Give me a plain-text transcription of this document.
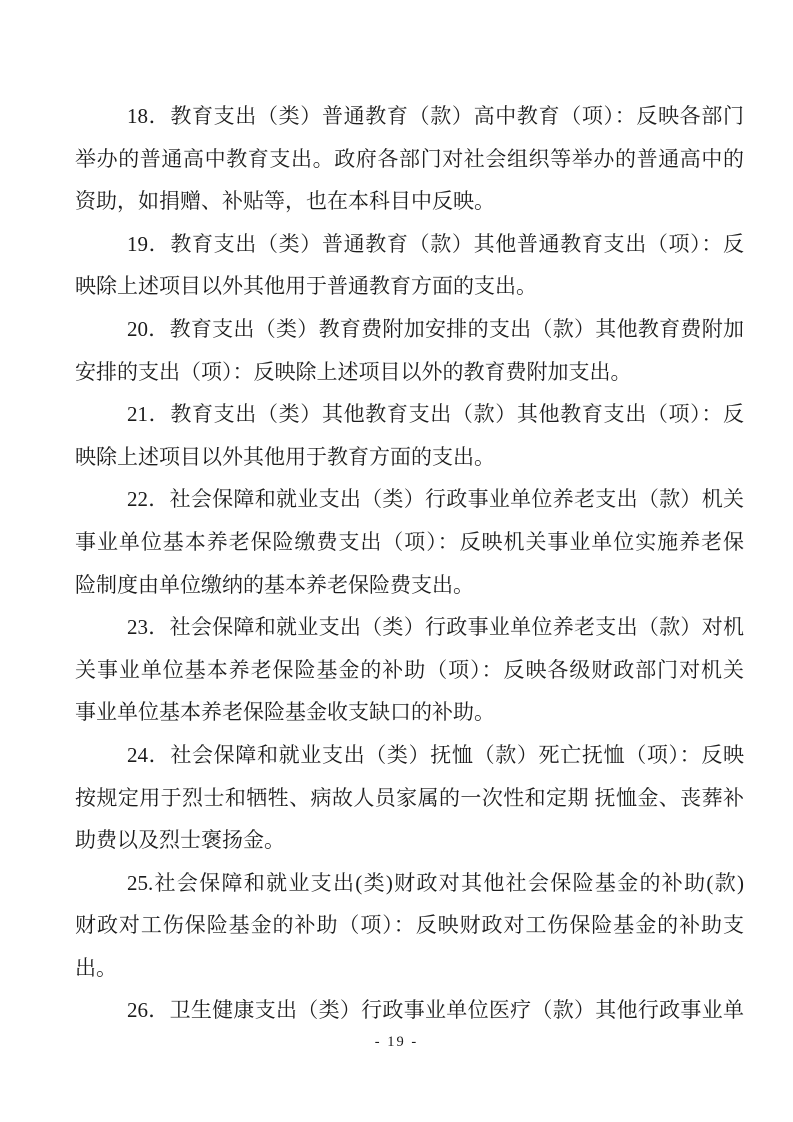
18．教育支出（类）普通教育（款）高中教育（项）：反映各部门
举办的普通高中教育支出。政府各部门对社会组织等举办的普通高中的
资助，如捐赠、补贴等，也在本科目中反映。
19．教育支出（类）普通教育（款）其他普通教育支出（项）：反
映除上述项目以外其他用于普通教育方面的支出。
20．教育支出（类）教育费附加安排的支出（款）其他教育费附加
安排的支出（项）：反映除上述项目以外的教育费附加支出。
21．教育支出（类）其他教育支出（款）其他教育支出（项）：反
映除上述项目以外其他用于教育方面的支出。
22．社会保障和就业支出（类）行政事业单位养老支出（款）机关
事业单位基本养老保险缴费支出（项）：反映机关事业单位实施养老保
险制度由单位缴纳的基本养老保险费支出。
23．社会保障和就业支出（类）行政事业单位养老支出（款）对机
关事业单位基本养老保险基金的补助（项）：反映各级财政部门对机关
事业单位基本养老保险基金收支缺口的补助。
24．社会保障和就业支出（类）抚恤（款）死亡抚恤（项）：反映
按规定用于烈士和牺牲、病故人员家属的一次性和定期 抚恤金、丧葬补
助费以及烈士褒扬金。
25.社会保障和就业支出(类)财政对其他社会保险基金的补助(款)
财政对工伤保险基金的补助（项）：反映财政对工伤保险基金的补助支
出。
26．卫生健康支出（类）行政事业单位医疗（款）其他行政事业单
- 19 -
